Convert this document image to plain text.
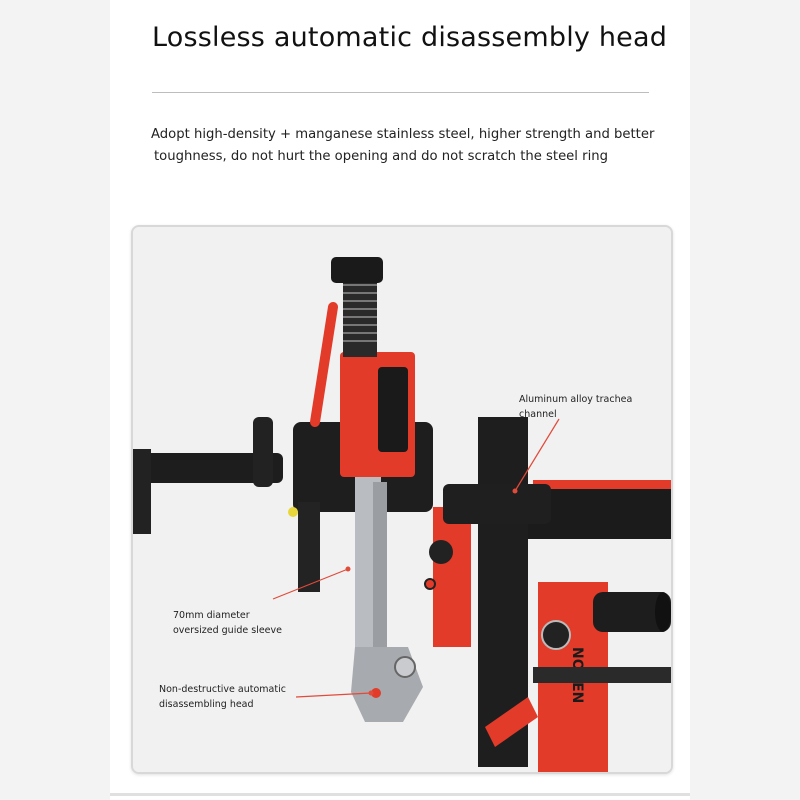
Lossless automatic disassembly head
Adopt high-density + manganese stainless steel, higher strength and better
toughness, do not hurt the opening and do not scratch the steel ring
Aluminum alloy trachea
channel
70mm diameter
oversized guide sleeve
Non-destructive automatic
disassembling head
